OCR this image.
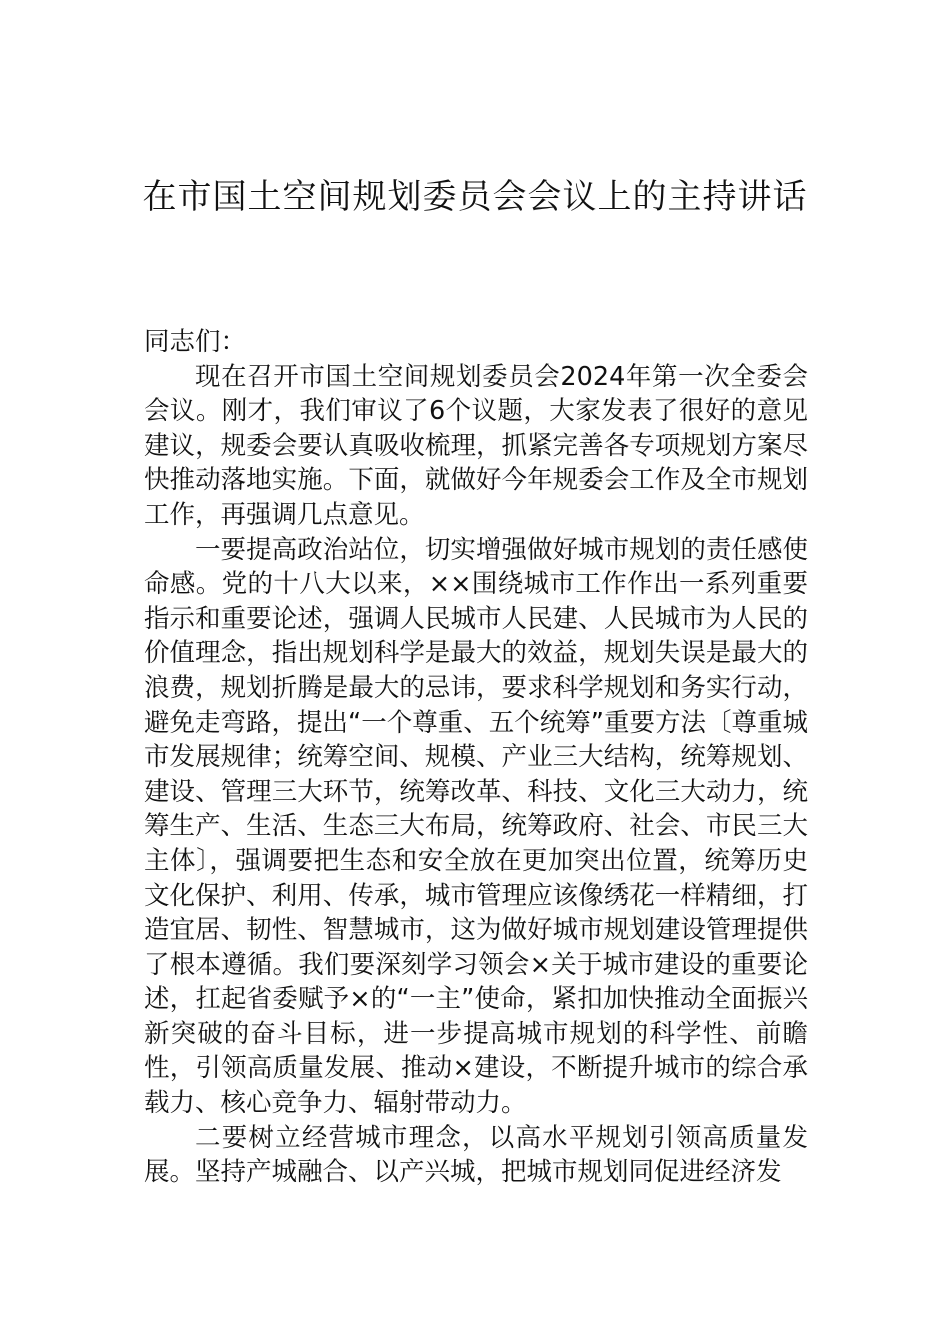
在市国土空间规划委员会会议上的主持讲话

同志们：

现在召开市国土空间规划委员会2024年第一次全委会会议。刚才，我们审议了6个议题，大家发表了很好的意见建议，规委会要认真吸收梳理，抓紧完善各专项规划方案尽快推动落地实施。下面，就做好今年规委会工作及全市规划工作，再强调几点意见。

一要提高政治站位，切实增强做好城市规划的责任感使命感。党的十八大以来，××围绕城市工作作出一系列重要指示和重要论述，强调人民城市人民建、人民城市为人民的价值理念，指出规划科学是最大的效益，规划失误是最大的浪费，规划折腾是最大的忌讳，要求科学规划和务实行动，避免走弯路，提出“一个尊重、五个统筹”重要方法〔尊重城市发展规律；统筹空间、规模、产业三大结构，统筹规划、建设、管理三大环节，统筹改革、科技、文化三大动力，统筹生产、生活、生态三大布局，统筹政府、社会、市民三大主体〕，强调要把生态和安全放在更加突出位置，统筹历史文化保护、利用、传承，城市管理应该像绣花一样精细，打造宜居、韧性、智慧城市，这为做好城市规划建设管理提供了根本遵循。我们要深刻学习领会×关于城市建设的重要论述，扛起省委赋予×的“一主”使命，紧扣加快推动全面振兴新突破的奋斗目标，进一步提高城市规划的科学性、前瞻性，引领高质量发展、推动×建设，不断提升城市的综合承载力、核心竞争力、辐射带动力。

二要树立经营城市理念，以高水平规划引领高质量发展。坚持产城融合、以产兴城，把城市规划同促进经济发
